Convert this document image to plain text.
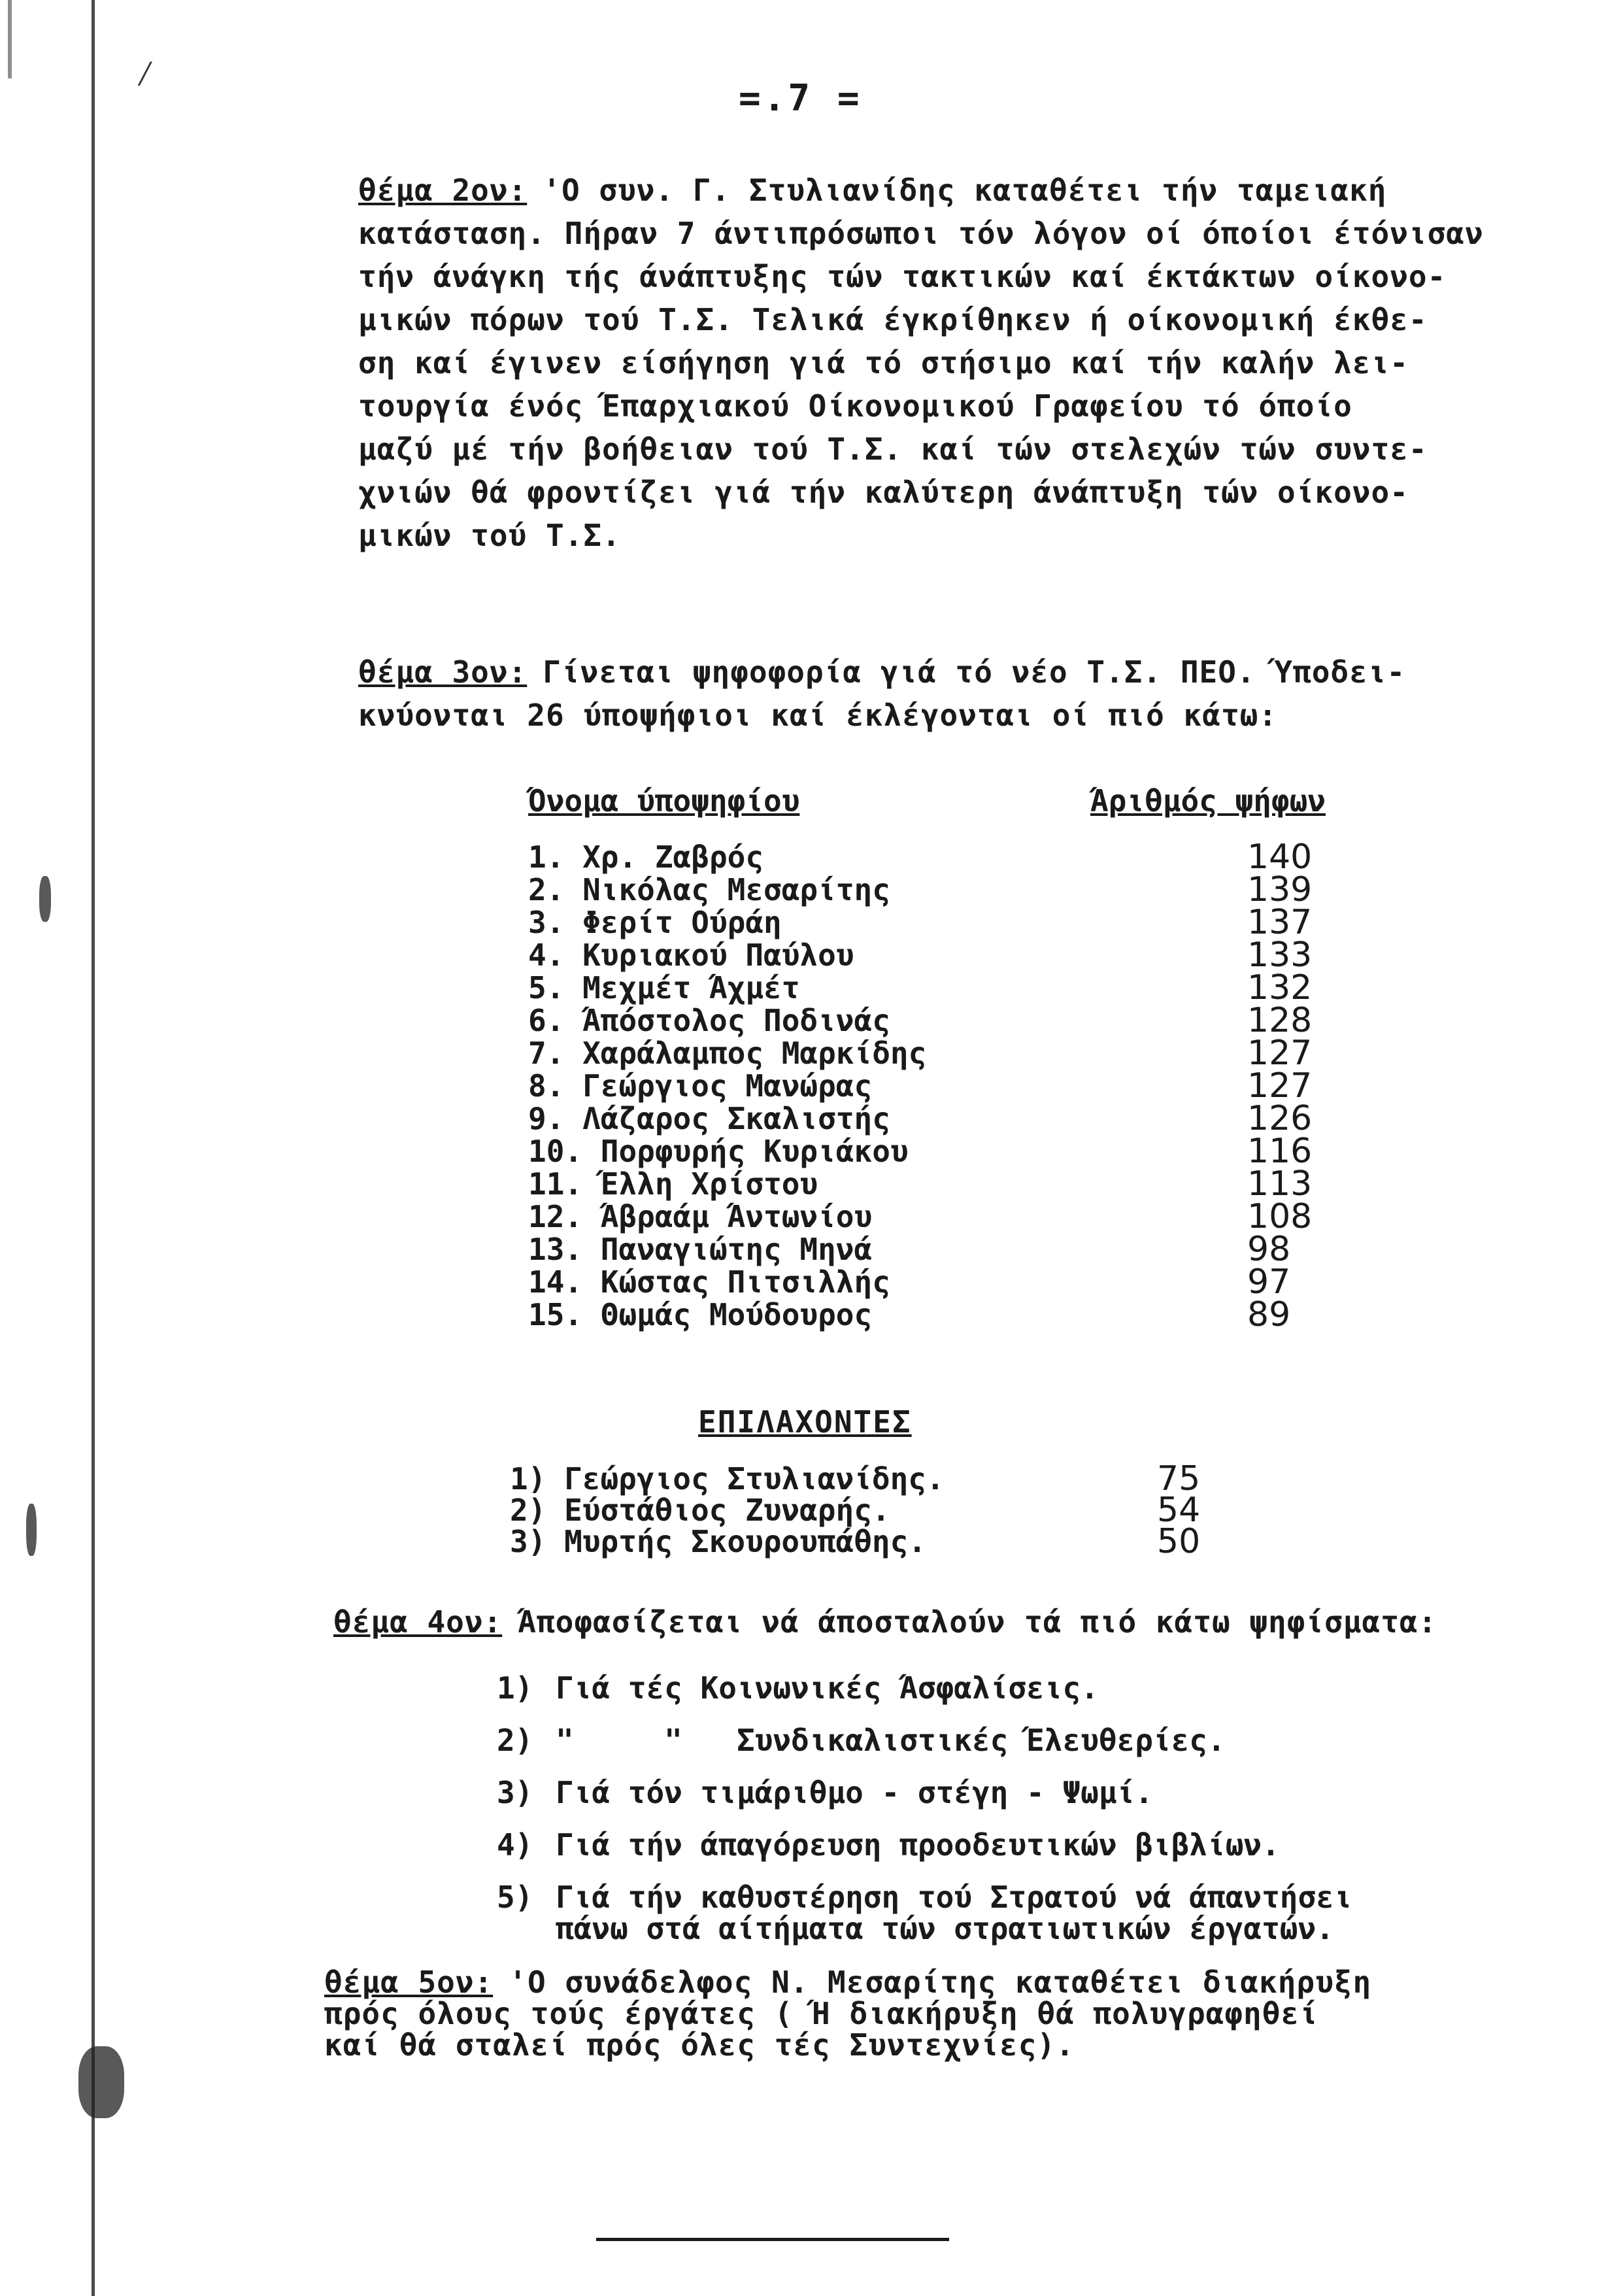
⁄
=.7 =
θέμα 2ον: 'Ο συν. Γ. Στυλιανίδης καταθέτει τήν ταμειακή
κατάσταση. Πήραν 7 άντιπρόσωποι τόν λόγον οί όποίοι έτόνισαν
τήν άνάγκη τής άνάπτυξης τών τακτικών καί έκτάκτων οίκονο-
μικών πόρων τού Τ.Σ. Τελικά έγκρίθηκεν ή οίκονομική έκθε-
ση καί έγινεν είσήγηση γιά τό στήσιμο καί τήν καλήν λει-
τουργία ένός Έπαρχιακού Οίκονομικού Γραφείου τό όποίο
μαζύ μέ τήν βοήθειαν τού Τ.Σ. καί τών στελεχών τών συντε-
χνιών θά φροντίζει γιά τήν καλύτερη άνάπτυξη τών οίκονο-
μικών τού Τ.Σ.
θέμα 3ον: Γίνεται ψηφοφορία γιά τό νέο Τ.Σ. ΠΕΟ. Ύποδει-
κνύονται 26 ύποψήφιοι καί έκλέγονται οί πιό κάτω:
Όνομα ύποψηφίου	Άριθμός ψήφων
1. Χρ. Ζαβρός	140
2. Νικόλας Μεσαρίτης	139
3. Φερίτ Ούράη	137
4. Κυριακού Παύλου	133
5. Μεχμέτ Άχμέτ	132
6. Άπόστολος Ποδινάς	128
7. Χαράλαμπος Μαρκίδης	127
8. Γεώργιος Μανώρας	127
9. Λάζαρος Σκαλιστής	126
10. Πορφυρής Κυριάκου	116
11. Έλλη Χρίστου	113
12. Άβραάμ Άντωνίου	108
13. Παναγιώτης Μηνά	98
14. Κώστας Πιτσιλλής	97
15. Θωμάς Μούδουρος	89
ΕΠΙΛΑΧΟΝΤΕΣ
1) Γεώργιος Στυλιανίδης.	75
2) Εύστάθιος Ζυναρής.	54
3) Μυρτής Σκουρουπάθης.	50
θέμα 4ον: Άποφασίζεται νά άποσταλούν τά πιό κάτω ψηφίσματα:
1) Γιά τές Κοινωνικές Άσφαλίσεις.
2) "     "   Συνδικαλιστικές Έλευθερίες.
3) Γιά τόν τιμάριθμο - στέγη - Ψωμί.
4) Γιά τήν άπαγόρευση προοδευτικών βιβλίων.
5) Γιά τήν καθυστέρηση τού Στρατού νά άπαντήσει
πάνω στά αίτήματα τών στρατιωτικών έργατών.
θέμα 5ον: 'Ο συνάδελφος Ν. Μεσαρίτης καταθέτει διακήρυξη
πρός όλους τούς έργάτες ( Ή διακήρυξη θά πολυγραφηθεί
καί θά σταλεί πρός όλες τές Συντεχνίες).
